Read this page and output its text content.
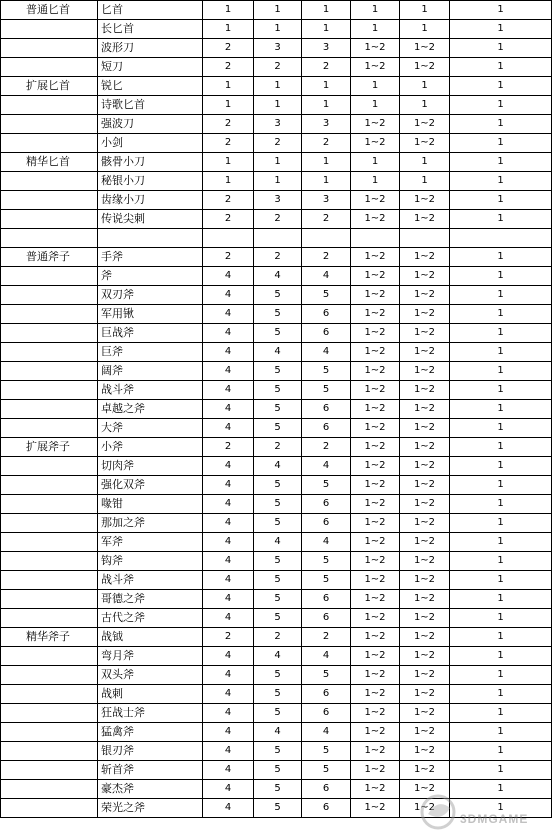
普通匕首	匕首	1	1	1	1	1	1
	长匕首	1	1	1	1	1	1
	波形刀	2	3	3	1~2	1~2	1
	短刀	2	2	2	1~2	1~2	1
扩展匕首	锐匕	1	1	1	1	1	1
	诗歌匕首	1	1	1	1	1	1
	强波刀	2	3	3	1~2	1~2	1
	小剑	2	2	2	1~2	1~2	1
精华匕首	骸骨小刀	1	1	1	1	1	1
	秘银小刀	1	1	1	1	1	1
	齿缘小刀	2	3	3	1~2	1~2	1
	传说尖刺	2	2	2	1~2	1~2	1

普通斧子	手斧	2	2	2	1~2	1~2	1
	斧	4	4	4	1~2	1~2	1
	双刃斧	4	5	5	1~2	1~2	1
	军用锹	4	5	6	1~2	1~2	1
	巨战斧	4	5	6	1~2	1~2	1
	巨斧	4	4	4	1~2	1~2	1
	阔斧	4	5	5	1~2	1~2	1
	战斗斧	4	5	5	1~2	1~2	1
	卓越之斧	4	5	6	1~2	1~2	1
	大斧	4	5	6	1~2	1~2	1
扩展斧子	小斧	2	2	2	1~2	1~2	1
	切肉斧	4	4	4	1~2	1~2	1
	强化双斧	4	5	5	1~2	1~2	1
	喙钳	4	5	6	1~2	1~2	1
	那加之斧	4	5	6	1~2	1~2	1
	军斧	4	4	4	1~2	1~2	1
	钩斧	4	5	5	1~2	1~2	1
	战斗斧	4	5	5	1~2	1~2	1
	哥德之斧	4	5	6	1~2	1~2	1
	古代之斧	4	5	6	1~2	1~2	1
精华斧子	战钺	2	2	2	1~2	1~2	1
	弯月斧	4	4	4	1~2	1~2	1
	双头斧	4	5	5	1~2	1~2	1
	战刺	4	5	6	1~2	1~2	1
	狂战士斧	4	5	6	1~2	1~2	1
	猛禽斧	4	4	4	1~2	1~2	1
	银刃斧	4	5	5	1~2	1~2	1
	斩首斧	4	5	5	1~2	1~2	1
	豪杰斧	4	5	6	1~2	1~2	1
	荣光之斧	4	5	6	1~2	1~2	1
3DMGAME
